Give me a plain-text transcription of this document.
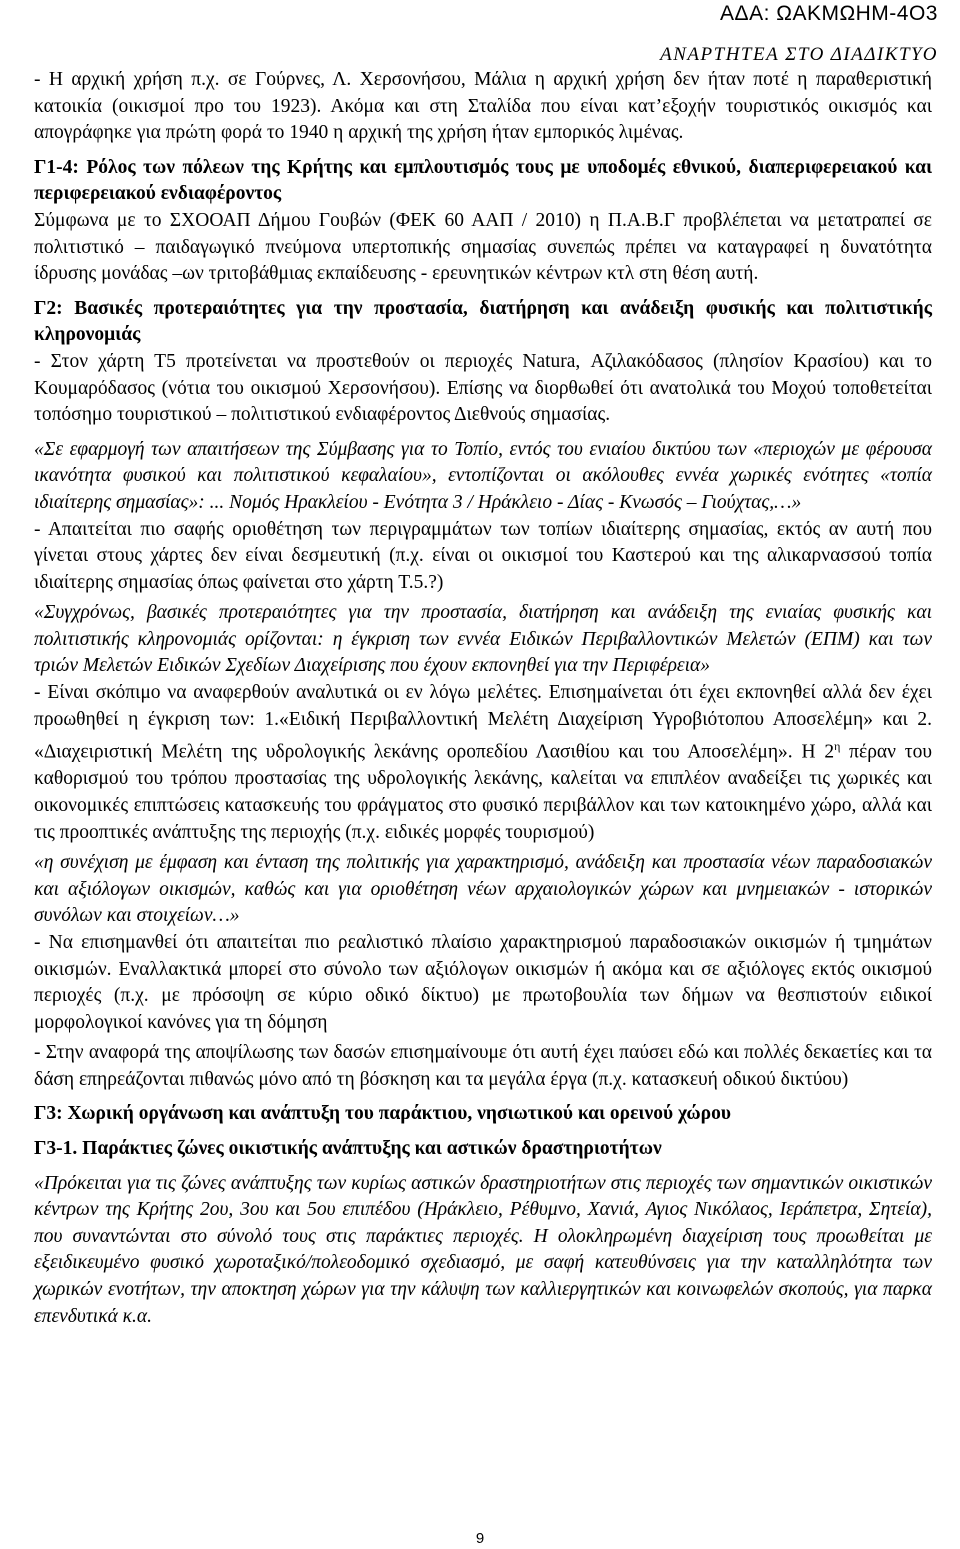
ΑΔΑ: ΩΑΚΜΩΗΜ-4Ο3
ΑΝΑΡΤΗΤΕΑ ΣΤΟ ΔΙΑΔΙΚΤΥΟ

- Η αρχική χρήση π.χ. σε Γούρνες, Λ. Χερσονήσου, Μάλια η αρχική χρήση δεν ήταν ποτέ η παραθεριστική κατοικία (οικισμοί προ του 1923). Ακόμα και στη Σταλίδα που είναι κατ’εξοχήν τουριστικός οικισμός και απογράφηκε για πρώτη φορά το 1940 η αρχική της χρήση ήταν εμπορικός λιμένας.

Γ1-4: Ρόλος των πόλεων της Κρήτης και εμπλουτισμός τους με υποδομές εθνικού, διαπεριφερειακού και περιφερειακού ενδιαφέροντος

Σύμφωνα με το ΣΧΟΟΑΠ Δήμου Γουβών (ΦΕΚ 60 ΑΑΠ / 2010) η Π.Α.Β.Γ προβλέπεται να μετατραπεί σε πολιτιστικό – παιδαγωγικό πνεύμονα υπερτοπικής σημασίας συνεπώς πρέπει να καταγραφεί η δυνατότητα ίδρυσης μονάδας –ων τριτοβάθμιας εκπαίδευσης - ερευνητικών κέντρων κτλ στη θέση αυτή.

Γ2: Βασικές προτεραιότητες για την προστασία, διατήρηση και ανάδειξη φυσικής και πολιτιστικής κληρονομιάς

- Στον χάρτη Τ5 προτείνεται να προστεθούν οι περιοχές Natura, Αζιλακόδασος (πλησίον Κρασίου) και το Κουμαρόδασος (νότια του οικισμού Χερσονήσου). Επίσης να διορθωθεί ότι ανατολικά του Μοχού τοποθετείται τοπόσημο τουριστικού – πολιτιστικού ενδιαφέροντος Διεθνούς σημασίας.

«Σε εφαρμογή των απαιτήσεων της Σύμβασης για το Τοπίο, εντός του ενιαίου δικτύου των «περιοχών με φέρουσα ικανότητα φυσικού και πολιτιστικού κεφαλαίου», εντοπίζονται οι ακόλουθες εννέα χωρικές ενότητες «τοπία ιδιαίτερης σημασίας»: ... Νομός Ηρακλείου - Ενότητα 3 / Ηράκλειο - Δίας - Κνωσός – Γιούχτας,…»

- Απαιτείται πιο σαφής οριοθέτηση των περιγραμμάτων των τοπίων ιδιαίτερης σημασίας, εκτός αν αυτή που γίνεται στους χάρτες δεν είναι δεσμευτική (π.χ. είναι οι οικισμοί του Καστερού και της αλικαρνασσού τοπία ιδιαίτερης σημασίας όπως φαίνεται στο χάρτη Τ.5.?)

«Συγχρόνως, βασικές προτεραιότητες για την προστασία, διατήρηση και ανάδειξη της ενιαίας φυσικής και πολιτιστικής κληρονομιάς ορίζονται: η έγκριση των εννέα Ειδικών Περιβαλλοντικών Μελετών (ΕΠΜ) και των τριών Μελετών Ειδικών Σχεδίων Διαχείρισης που έχουν εκπονηθεί για την Περιφέρεια»

- Είναι σκόπιμο να αναφερθούν αναλυτικά οι εν λόγω μελέτες. Επισημαίνεται ότι έχει εκπονηθεί αλλά δεν έχει προωθηθεί η έγκριση των: 1.«Ειδική Περιβαλλοντική Μελέτη Διαχείριση Υγροβιότοπου Αποσελέμη» και 2. «Διαχειριστική Μελέτη της υδρολογικής λεκάνης οροπεδίου Λασιθίου και του Αποσελέμη». Η $2^\eta$ πέραν του καθορισμού του τρόπου προστασίας της υδρολογικής λεκάνης, καλείται να επιπλέον αναδείξει τις χωρικές και οικονομικές επιπτώσεις κατασκευής του φράγματος στο φυσικό περιβάλλον και των κατοικημένο χώρο, αλλά και τις προοπτικές ανάπτυξης της περιοχής (π.χ. ειδικές μορφές τουρισμού)

«η συνέχιση με έμφαση και ένταση της πολιτικής για χαρακτηρισμό, ανάδειξη και προστασία νέων παραδοσιακών και αξιόλογων οικισμών, καθώς και για οριοθέτηση νέων αρχαιολογικών χώρων και μνημειακών - ιστορικών συνόλων και στοιχείων…»

- Να επισημανθεί ότι απαιτείται πιο ρεαλιστικό πλαίσιο χαρακτηρισμού παραδοσιακών οικισμών ή τμημάτων οικισμών. Εναλλακτικά μπορεί στο σύνολο των αξιόλογων οικισμών ή ακόμα και σε αξιόλογες εκτός οικισμού περιοχές (π.χ. με πρόσοψη σε κύριο οδικό δίκτυο) με πρωτοβουλία των δήμων να θεσπιστούν ειδικοί μορφολογικοί κανόνες για τη δόμηση

- Στην αναφορά της αποψίλωσης των δασών επισημαίνουμε ότι αυτή έχει παύσει εδώ και πολλές δεκαετίες και τα δάση επηρεάζονται πιθανώς μόνο από τη βόσκηση και τα μεγάλα έργα (π.χ. κατασκευή οδικού δικτύου)

Γ3: Χωρική οργάνωση και ανάπτυξη του παράκτιου, νησιωτικού και ορεινού χώρου

Γ3-1. Παράκτιες ζώνες οικιστικής ανάπτυξης και αστικών δραστηριοτήτων

«Πρόκειται για τις ζώνες ανάπτυξης των κυρίως αστικών δραστηριοτήτων στις περιοχές των σημαντικών οικιστικών κέντρων της Κρήτης 2ου, 3ου και 5ου επιπέδου (Ηράκλειο, Ρέθυμνο, Χανιά, Αγιος Νικόλαος, Ιεράπετρα, Σητεία), που συναντώνται στο σύνολό τους στις παράκτιες περιοχές. Η ολοκληρωμένη διαχείριση τους προωθείται με εξειδικευμένο φυσικό χωροταξικό/πολεοδομικό σχεδιασμό, με σαφή κατευθύνσεις για την καταλληλότητα των χωρικών ενοτήτων, την αποκτηση χώρων για την κάλυψη των καλλιεργητικών και κοινωφελών σκοπούς, για παρκα επενδυτικά κ.α.

9
